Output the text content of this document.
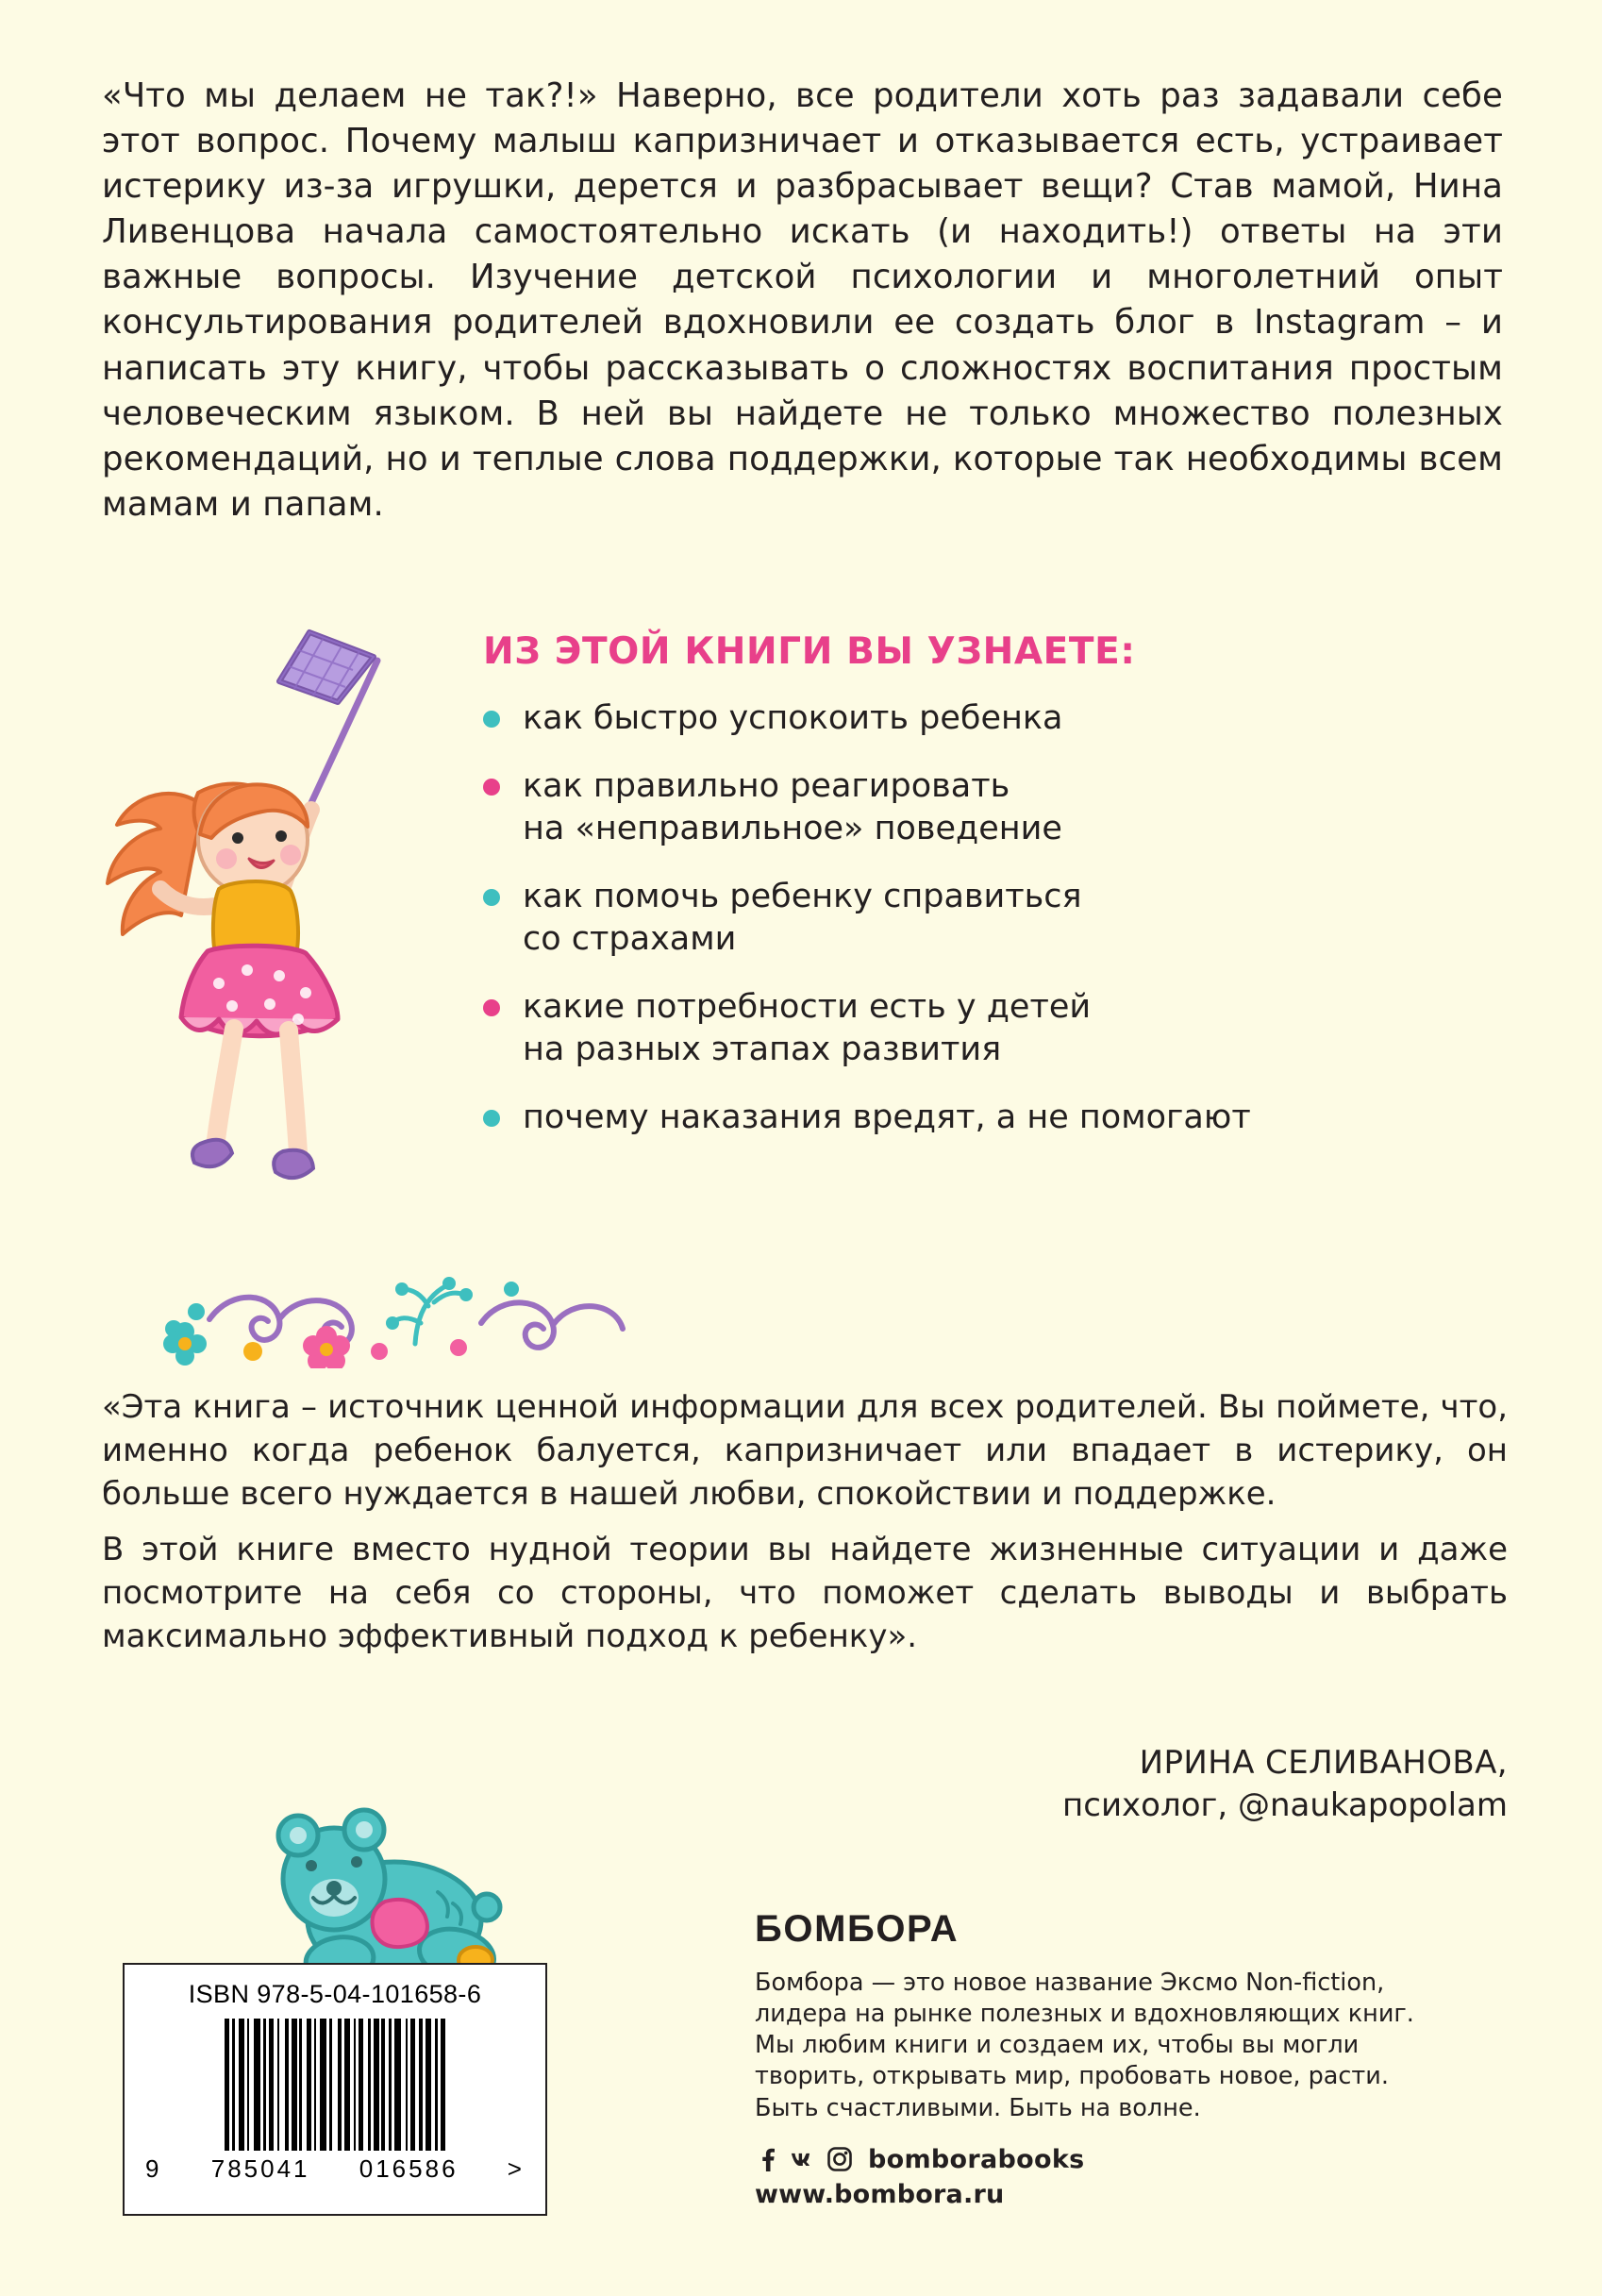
«Что мы делаем не так?!» Наверно, все родители хоть раз задавали себе этот вопрос. Почему малыш капризничает и отказывается есть, устраивает истерику из-за игрушки, дерется и разбрасывает вещи? Став мамой, Нина Ливенцова начала самостоятельно искать (и находить!) ответы на эти важные вопросы. Изучение детской психологии и многолетний опыт консультирования родителей вдохновили ее создать блог в Instagram – и написать эту книгу, чтобы рассказывать о сложностях воспитания простым человеческим языком. В ней вы найдете не только множество полезных рекомендаций, но и теплые слова поддержки, которые так необходимы всем мамам и папам.
ИЗ ЭТОЙ КНИГИ ВЫ УЗНАЕТЕ:
как быстро успокоить ребенка
как правильно реагировать
на «неправильное» поведение
как помочь ребенку справиться
со страхами
какие потребности есть у детей
на разных этапах развития
почему наказания вредят, а не помогают

«Эта книга – источник ценной информации для всех родителей. Вы поймете, что, именно когда ребенок балуется, капризничает или впадает в истерику, он больше всего нуждается в нашей любви, спокойствии и поддержке.

В этой книге вместо нудной теории вы найдете жизненные ситуации и даже посмотрите на себя со стороны, что поможет сделать выводы и выбрать максимально эффективный подход к ребенку».

ИРИНА СЕЛИВАНОВА,
психолог, @naukapopolam
ISBN 978-5-04-101658-6
9 785041 016586 >
БОМБОРА
Бомбора — это новое название Эксмо Non-fiction, лидера на рынке полезных и вдохновляющих книг. Мы любим книги и создаем их, чтобы вы могли творить, открывать мир, пробовать новое, расти. Быть счастливыми. Быть на волне.
bomborabooks
www.bombora.ru
